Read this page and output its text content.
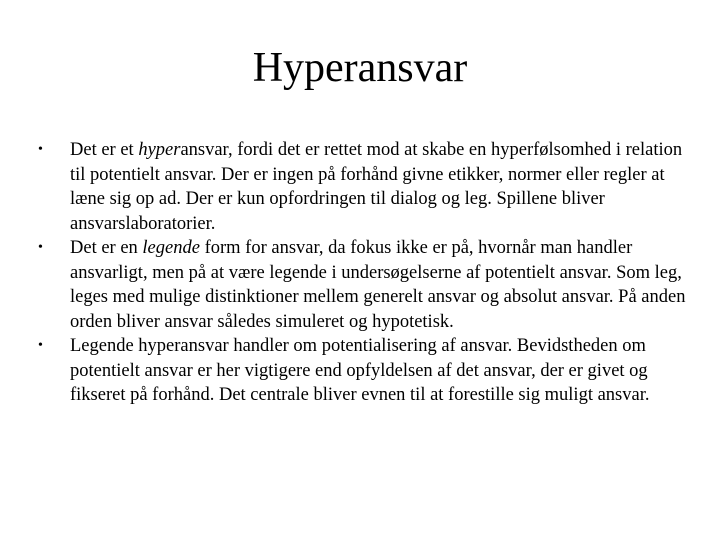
Hyperansvar
• Det er et hyperansvar, fordi det er rettet mod at skabe en hyperfølsomhed i relation til potentielt ansvar. Der er ingen på forhånd givne etikker, normer eller regler at læne sig op ad. Der er kun opfordringen til dialog og leg. Spillene bliver ansvarslaboratorier.
• Det er en legende form for ansvar, da fokus ikke er på, hvornår man handler ansvarligt, men på at være legende i undersøgelserne af potentielt ansvar. Som leg, leges med mulige distinktioner mellem generelt ansvar og absolut ansvar. På anden orden bliver ansvar således simuleret og hypotetisk.
• Legende hyperansvar handler om potentialisering af ansvar. Bevidstheden om potentielt ansvar er her vigtigere end opfyldelsen af det ansvar, der er givet og fikseret på forhånd. Det centrale bliver evnen til at forestille sig muligt ansvar.
